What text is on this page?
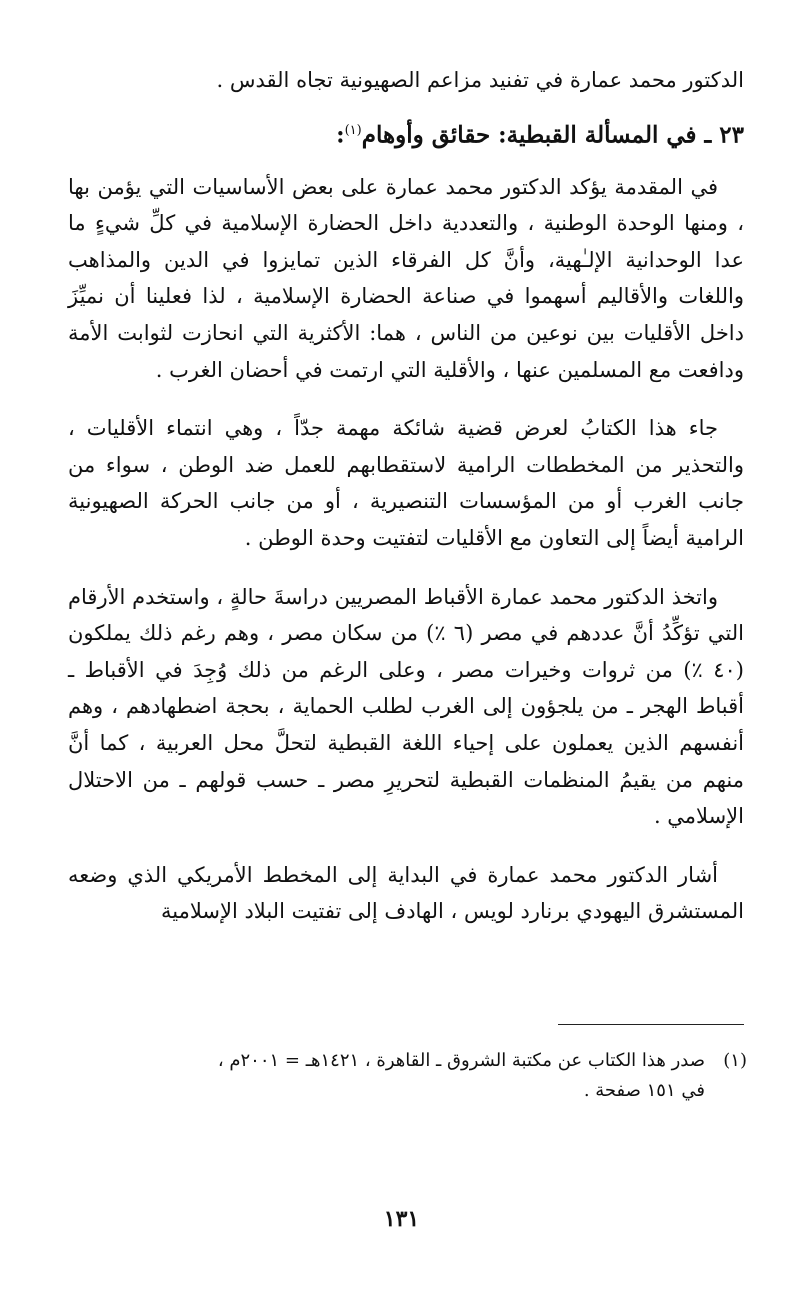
الدكتور محمد عمارة في تفنيد مزاعم الصهيونية تجاه القدس .

٢٣ ـ في المسألة القبطية: حقائق وأوهام$^{(١)}$:

في المقدمة يؤكد الدكتور محمد عمارة على بعض الأساسيات التي يؤمن بها ، ومنها الوحدة الوطنية ، والتعددية داخل الحضارة الإسلامية في كلِّ شيءٍ ما عدا الوحدانية الإلـٰهية، وأنَّ كل الفرقاء الذين تمايزوا في الدين والمذاهب واللغات والأقاليم أسهموا في صناعة الحضارة الإسلامية ، لذا فعلينا أن نميِّزَ داخل الأقليات بين نوعين من الناس ، هما: الأكثرية التي انحازت لثوابت الأمة ودافعت مع المسلمين عنها ، والأقلية التي ارتمت في أحضان الغرب .

جاء هذا الكتابُ لعرض قضية شائكة مهمة جدّاً ، وهي انتماء الأقليات ، والتحذير من المخططات الرامية لاستقطابهم للعمل ضد الوطن ، سواء من جانب الغرب أو من المؤسسات التنصيرية ، أو من جانب الحركة الصهيونية الرامية أيضاً إلى التعاون مع الأقليات لتفتيت وحدة الوطن .

واتخذ الدكتور محمد عمارة الأقباط المصريين دراسةَ حالةٍ ، واستخدم الأرقام التي تؤكِّدُ أنَّ عددهم في مصر (٦ ٪) من سكان مصر ، وهم رغم ذلك يملكون (٤٠ ٪) من ثروات وخيرات مصر ، وعلى الرغم من ذلك وُجِدَ في الأقباط ـ أقباط الهجر ـ من يلجؤون إلى الغرب لطلب الحماية ، بحجة اضطهادهم ، وهم أنفسهم الذين يعملون على إحياء اللغة القبطية لتحلَّ محل العربية ، كما أنَّ منهم من يقيمُ المنظمات القبطية لتحريرِ مصر ـ حسب قولهم ـ من الاحتلال الإسلامي .

أشار الدكتور محمد عمارة في البداية إلى المخطط الأمريكي الذي وضعه المستشرق اليهودي برنارد لويس ، الهادف إلى تفتيت البلاد الإسلامية

(١)صدر هذا الكتاب عن مكتبة الشروق ـ القاهرة ، ١٤٢١هـ = ٢٠٠١م ،
في ١٥١ صفحة .
١٣١
